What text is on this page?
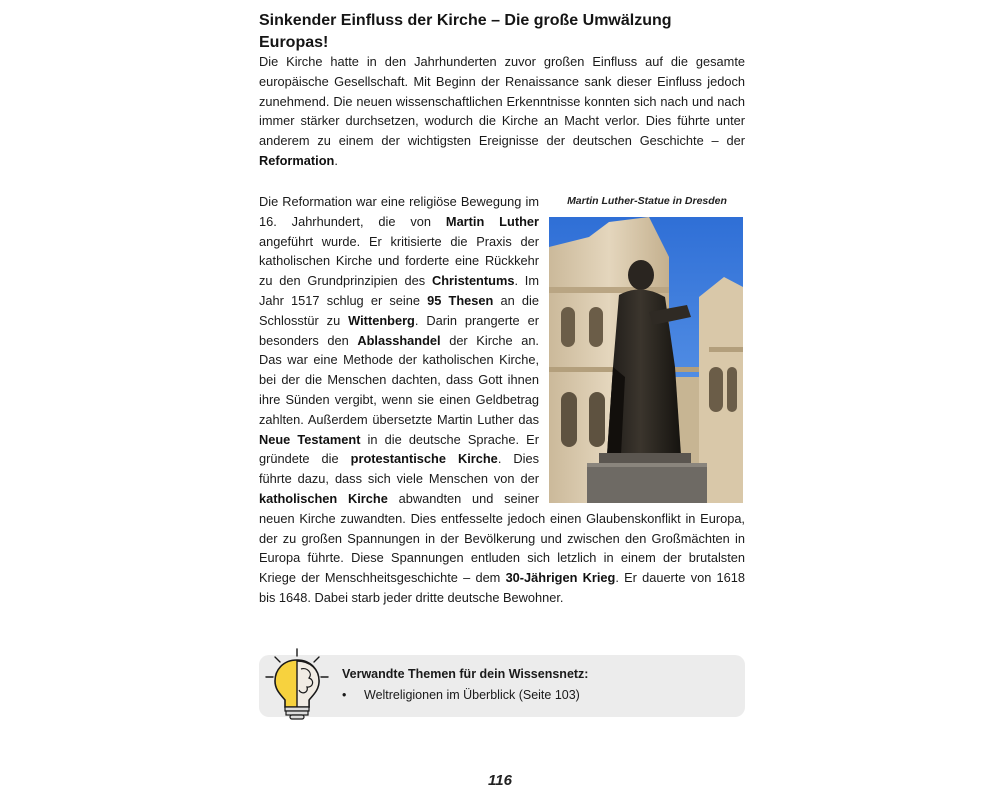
Sinkender Einfluss der Kirche – Die große Umwälzung Europas!

Die Kirche hatte in den Jahrhunderten zuvor großen Einfluss auf die gesamte europäische Gesellschaft. Mit Beginn der Renaissance sank dieser Einfluss jedoch zunehmend. Die neuen wissenschaftlichen Erkenntnisse konnten sich nach und nach immer stärker durchsetzen, wodurch die Kirche an Macht verlor. Dies führte unter anderem zu einem der wichtigsten Ereignisse der deutschen Geschichte – der Reformation.

Martin Luther-Statue in Dresden

Die Reformation war eine religiöse Bewegung im 16. Jahrhundert, die von Martin Luther angeführt wurde. Er kritisierte die Praxis der katholischen Kirche und forderte eine Rückkehr zu den Grundprinzipien des Christentums. Im Jahr 1517 schlug er seine 95 Thesen an die Schlosstür zu Wittenberg. Darin prangerte er besonders den Ablasshandel der Kirche an. Das war eine Methode der katholischen Kirche, bei der die Menschen dachten, dass Gott ihnen ihre Sünden vergibt, wenn sie einen Geldbetrag zahlten. Außerdem übersetzte Martin Luther das Neue Testament in die deutsche Sprache. Er gründete die protestantische Kirche. Dies führte dazu, dass sich viele Menschen von der katholischen Kirche abwandten und seiner neuen Kirche zuwandten. Dies entfesselte jedoch einen Glaubenskonflikt in Europa, der zu großen Spannungen in der Bevölkerung und zwischen den Großmächten in Europa führte. Diese Spannungen entluden sich letzlich in einem der brutalsten Kriege der Menschheitsgeschichte – dem 30-Jährigen Krieg. Er dauerte von 1618 bis 1648. Dabei starb jeder dritte deutsche Bewohner.

Verwandte Themen für dein Wissensnetz:
• Weltreligionen im Überblick (Seite 103)
116
